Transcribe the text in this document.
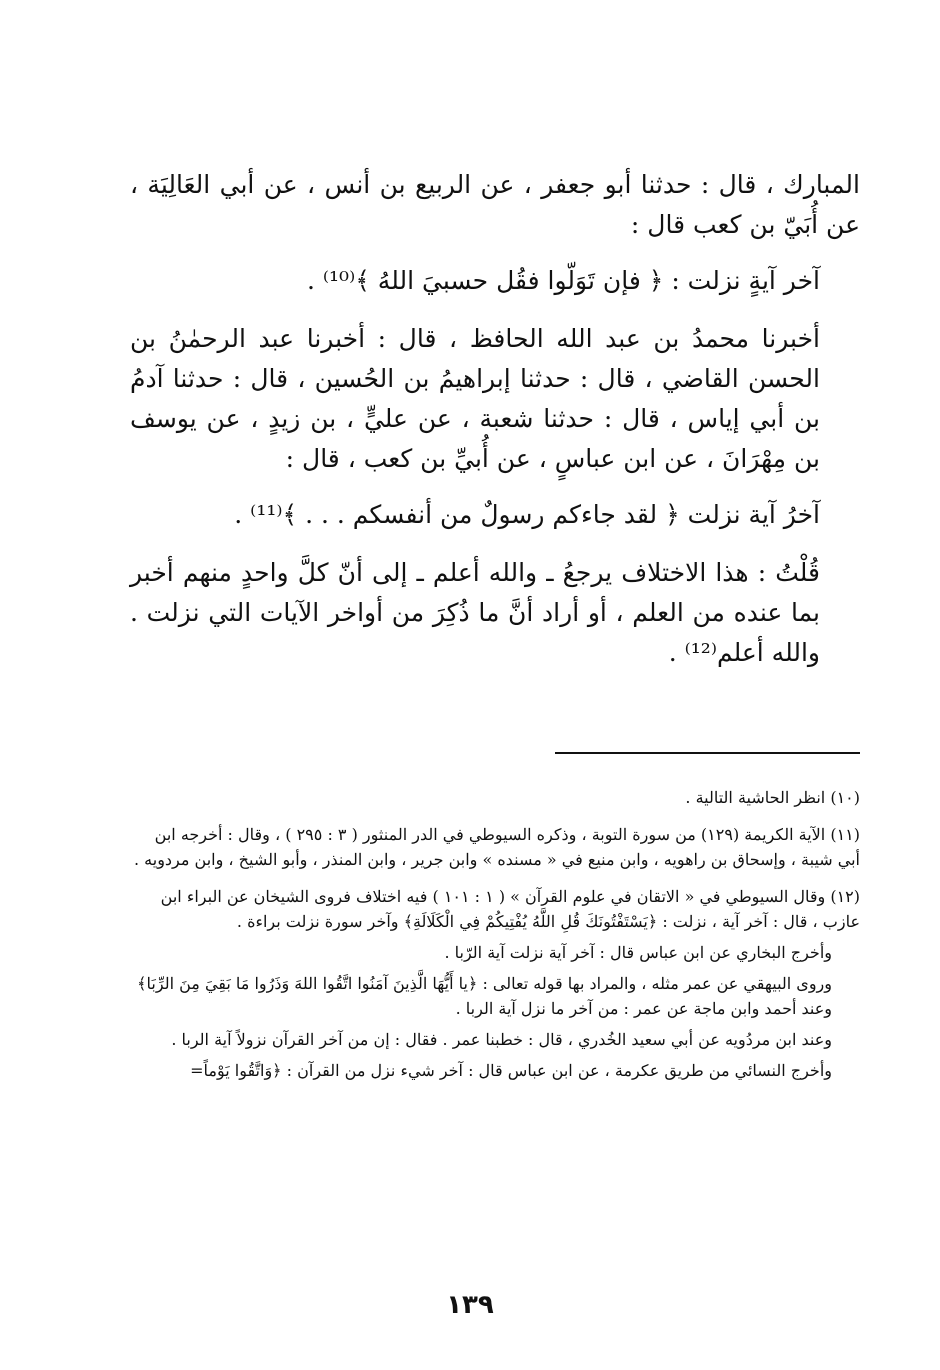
المبارك ، قال : حدثنا أبو جعفر ، عن الربيع بن أنس ، عن أبي العَالِيَة ، عن أُبَيّ بن كعب قال :

آخر آيةٍ نزلت : ﴿ فإن تَوَلّوا فقُل حسبيَ اللهُ ﴾⁽¹⁰⁾ .

أخبرنا محمدُ بن عبد الله الحافظ ، قال : أخبرنا عبد الرحمٰنُ بن الحسن القاضي ، قال : حدثنا إبراهيمُ بن الحُسين ، قال : حدثنا آدمُ بن أبي إياس ، قال : حدثنا شعبة ، عن عليٍّ ، بن زيدٍ ، عن يوسف بن مِهْرَانَ ، عن ابن عباسٍ ، عن أُبيِّ بن كعب ، قال :

آخرُ آية نزلت ﴿ لقد جاءكم رسولٌ من أنفسكم . . . ﴾⁽¹¹⁾ .

قُلْتُ : هذا الاختلاف يرجعُ ـ والله أعلم ـ إلى أنّ كلَّ واحدٍ منهم أخبر بما عنده من العلم ، أو أراد أنَّ ما ذُكِرَ من أواخر الآيات التي نزلت . والله أعلم⁽¹²⁾ .

(١٠) انظر الحاشية التالية .

(١١) الآية الكريمة (١٢٩) من سورة التوبة ، وذكره السيوطي في الدر المنثور ( ٣ : ٢٩٥ ) ، وقال : أخرجه ابن أبي شيبة ، وإسحاق بن راهويه ، وابن منيع في « مسنده » وابن جرير ، وابن المنذر ، وأبو الشيخ ، وابن مردويه .

(١٢) وقال السيوطي في « الاتقان في علوم القرآن » ( ١ : ١٠١ ) فيه اختلاف فروى الشيخان عن البراء ابن عازب ، قال : آخر آية ، نزلت : ﴿يَسْتَفْتُونَكَ قُلِ اللَّهُ يُفْتِيكُمْ فِي الْكَلَالَةِ﴾ وآخر سورة نزلت براءة .

وأخرج البخاري عن ابن عباس قال : آخر آية نزلت آية الرّبا .

وروى البيهقي عن عمر مثله ، والمراد بها قوله تعالى : ﴿يا أَيُّهَا الَّذِينَ آمَنُوا اتَّقُوا اللهَ وَذَرُوا مَا بَقِيَ مِنَ الرِّبَا﴾ وعند أحمد وابن ماجة عن عمر : من آخر ما نزل آية الربا .

وعند ابن مردُويه عن أبي سعيد الخُدري ، قال : خطبنا عمر . فقال : إن من آخر القرآن نزولاً آية الربا .

وأخرج النسائي من طريق عكرمة ، عن ابن عباس قال : آخر شيء نزل من القرآن : ﴿وَاتَّقُوا يَوْماً=

١٣٩
